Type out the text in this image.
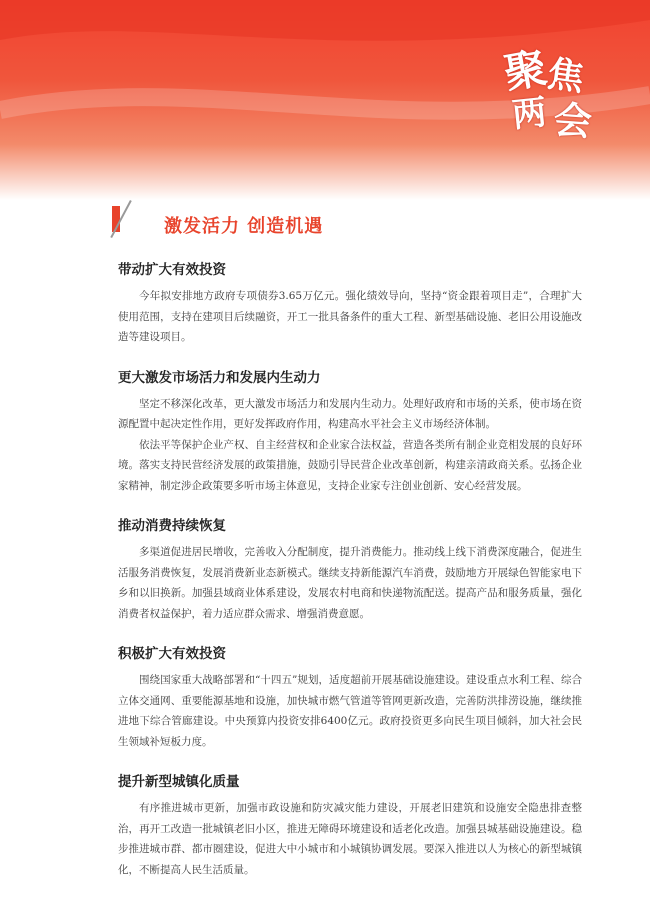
聚
焦
两 会
激发活力 创造机遇
带动扩大有效投资

今年拟安排地方政府专项债券3.65万亿元。强化绩效导向，坚持“资金跟着项目走”，合理扩大使用范围，支持在建项目后续融资，开工一批具备条件的重大工程、新型基础设施、老旧公用设施改造等建设项目。

更大激发市场活力和发展内生动力

坚定不移深化改革，更大激发市场活力和发展内生动力。处理好政府和市场的关系，使市场在资源配置中起决定性作用，更好发挥政府作用，构建高水平社会主义市场经济体制。

依法平等保护企业产权、自主经营权和企业家合法权益，营造各类所有制企业竞相发展的良好环境。落实支持民营经济发展的政策措施，鼓励引导民营企业改革创新，构建亲清政商关系。弘扬企业家精神，制定涉企政策要多听市场主体意见，支持企业家专注创业创新、安心经营发展。

推动消费持续恢复

多渠道促进居民增收，完善收入分配制度，提升消费能力。推动线上线下消费深度融合，促进生活服务消费恢复，发展消费新业态新模式。继续支持新能源汽车消费，鼓励地方开展绿色智能家电下乡和以旧换新。加强县域商业体系建设，发展农村电商和快递物流配送。提高产品和服务质量，强化消费者权益保护，着力适应群众需求、增强消费意愿。

积极扩大有效投资

围绕国家重大战略部署和“十四五”规划，适度超前开展基础设施建设。建设重点水利工程、综合立体交通网、重要能源基地和设施，加快城市燃气管道等管网更新改造，完善防洪排涝设施，继续推进地下综合管廊建设。中央预算内投资安排6400亿元。政府投资更多向民生项目倾斜，加大社会民生领域补短板力度。

提升新型城镇化质量

有序推进城市更新，加强市政设施和防灾减灾能力建设，开展老旧建筑和设施安全隐患排查整治，再开工改造一批城镇老旧小区，推进无障碍环境建设和适老化改造。加强县城基础设施建设。稳步推进城市群、都市圈建设，促进大中小城市和小城镇协调发展。要深入推进以人为核心的新型城镇化，不断提高人民生活质量。
